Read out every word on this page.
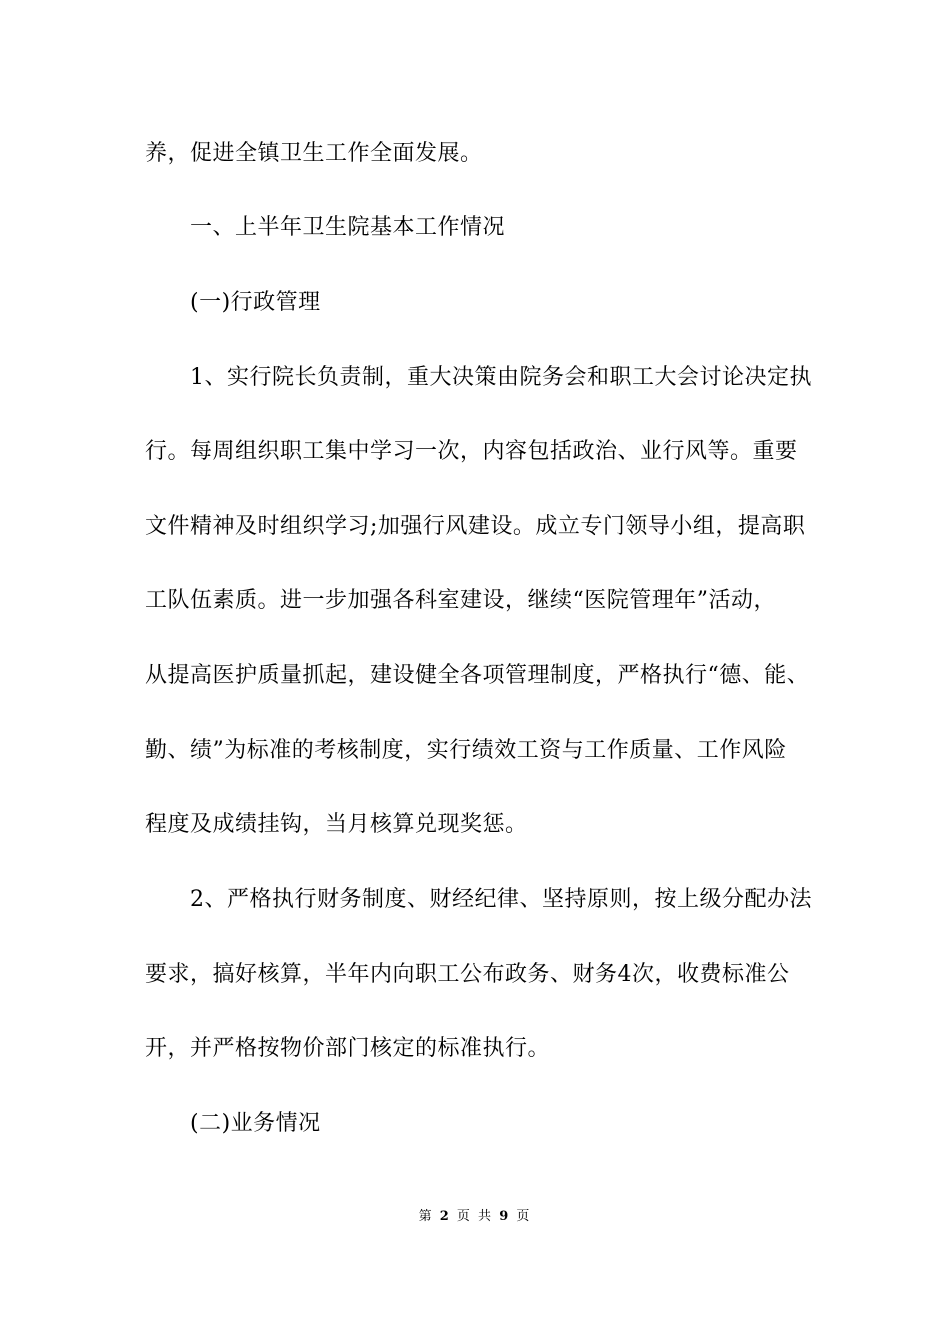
养，促进全镇卫生工作全面发展。
一、上半年卫生院基本工作情况
(一)行政管理
1、实行院长负责制，重大决策由院务会和职工大会讨论决定执
行。每周组织职工集中学习一次，内容包括政治、业行风等。重要
文件精神及时组织学习;加强行风建设。成立专门领导小组，提高职
工队伍素质。进一步加强各科室建设，继续“医院管理年”活动，
从提高医护质量抓起，建设健全各项管理制度，严格执行“德、能、
勤、绩”为标准的考核制度，实行绩效工资与工作质量、工作风险
程度及成绩挂钩，当月核算兑现奖惩。
2、严格执行财务制度、财经纪律、坚持原则，按上级分配办法
要求，搞好核算，半年内向职工公布政务、财务4次，收费标准公
开，并严格按物价部门核定的标准执行。
(二)业务情况
第 2 页 共 9 页
